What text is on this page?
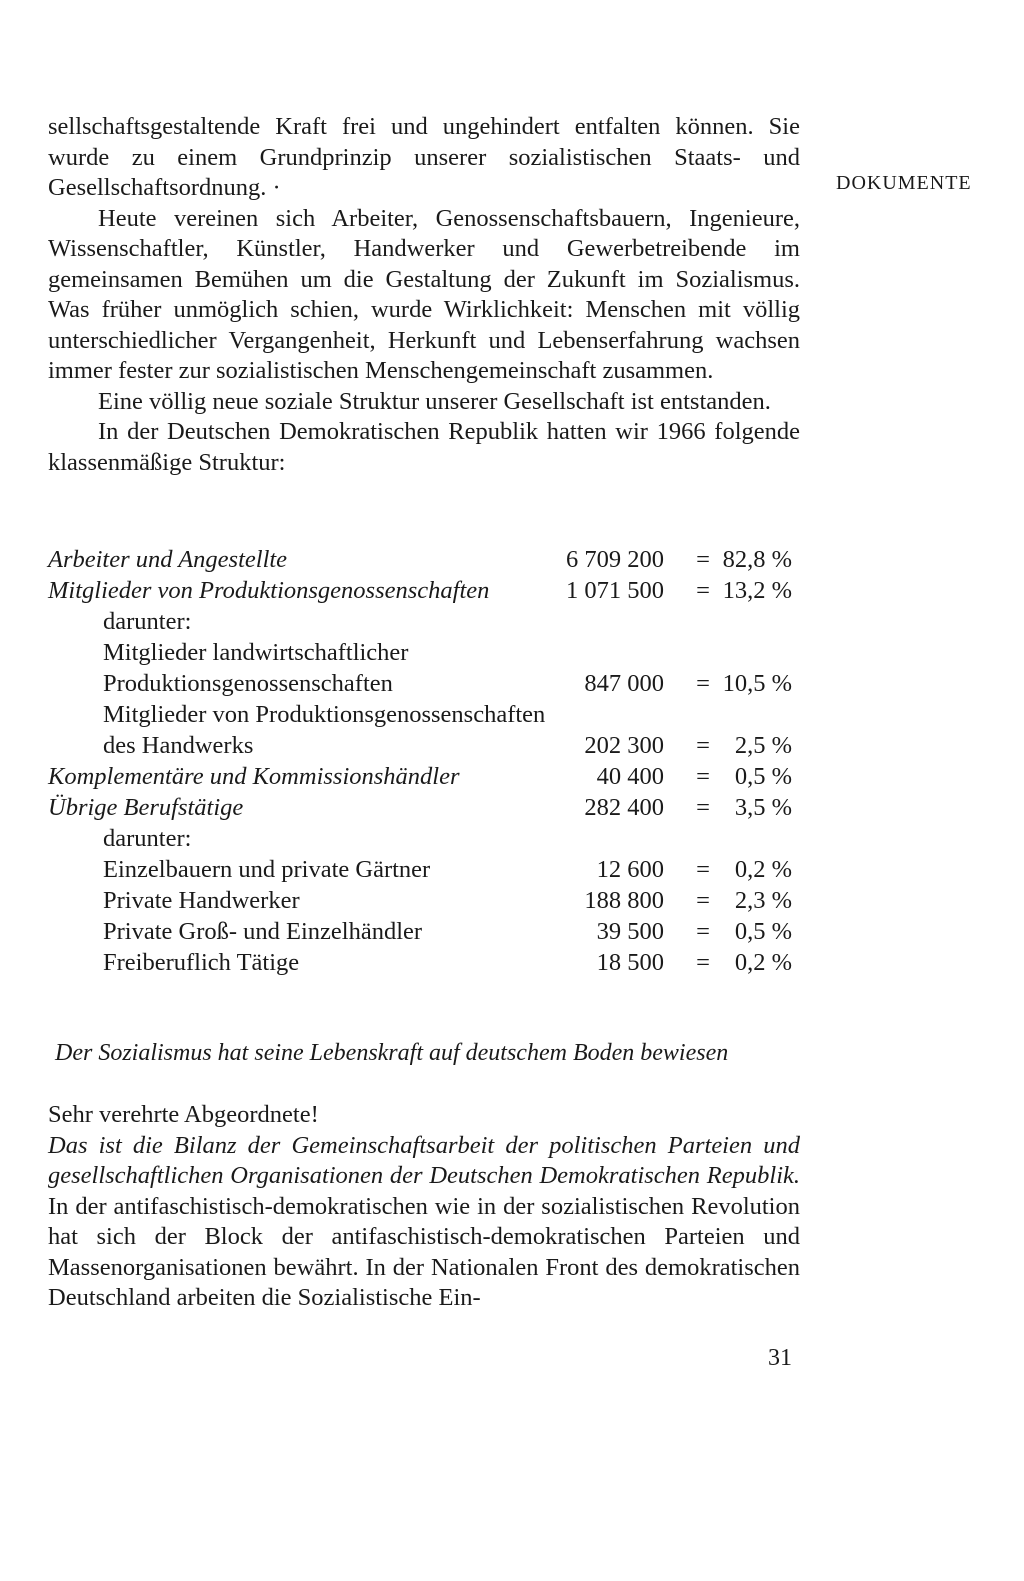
DOKUMENTE

sellschaftsgestaltende Kraft frei und ungehindert entfalten können. Sie wurde zu einem Grundprinzip unserer sozialistischen Staats- und Gesellschaftsordnung. ·

Heute vereinen sich Arbeiter, Genossenschaftsbauern, Ingenieure, Wissenschaftler, Künstler, Handwerker und Gewerbetreibende im gemeinsamen Bemühen um die Gestaltung der Zukunft im Sozialismus. Was früher unmöglich schien, wurde Wirklichkeit: Menschen mit völlig unterschiedlicher Vergangenheit, Herkunft und Lebenserfahrung wachsen immer fester zur sozialistischen Menschengemeinschaft zusammen.

Eine völlig neue soziale Struktur unserer Gesellschaft ist entstanden.

In der Deutschen Demokratischen Republik hatten wir 1966 folgende klassenmäßige Struktur:

Arbeiter und Angestellte	6 709 200 = 82,8 %
Mitglieder von Produktionsgenossenschaften	1 071 500 = 13,2 %
darunter:
Mitglieder landwirtschaftlicher
Produktionsgenossenschaften	847 000 = 10,5 %
Mitglieder von Produktionsgenossenschaften
des Handwerks	202 300 = 2,5 %
Komplementäre und Kommissionshändler	40 400 = 0,5 %
Übrige Berufstätige	282 400 = 3,5 %
darunter:
Einzelbauern und private Gärtner	12 600 = 0,2 %
Private Handwerker	188 800 = 2,3 %
Private Groß- und Einzelhändler	39 500 = 0,5 %
Freiberuflich Tätige	18 500 = 0,2 %
Der Sozialismus hat seine Lebenskraft auf deutschem Boden bewiesen

Sehr verehrte Abgeordnete!

Das ist die Bilanz der Gemeinschaftsarbeit der politischen Parteien und gesellschaftlichen Organisationen der Deutschen Demokratischen Republik. In der antifaschistisch-demokratischen wie in der sozialistischen Revolution hat sich der Block der antifaschistisch-demokratischen Parteien und Massenorganisationen bewährt. In der Nationalen Front des demokratischen Deutschland arbeiten die Sozialistische Ein-

31
